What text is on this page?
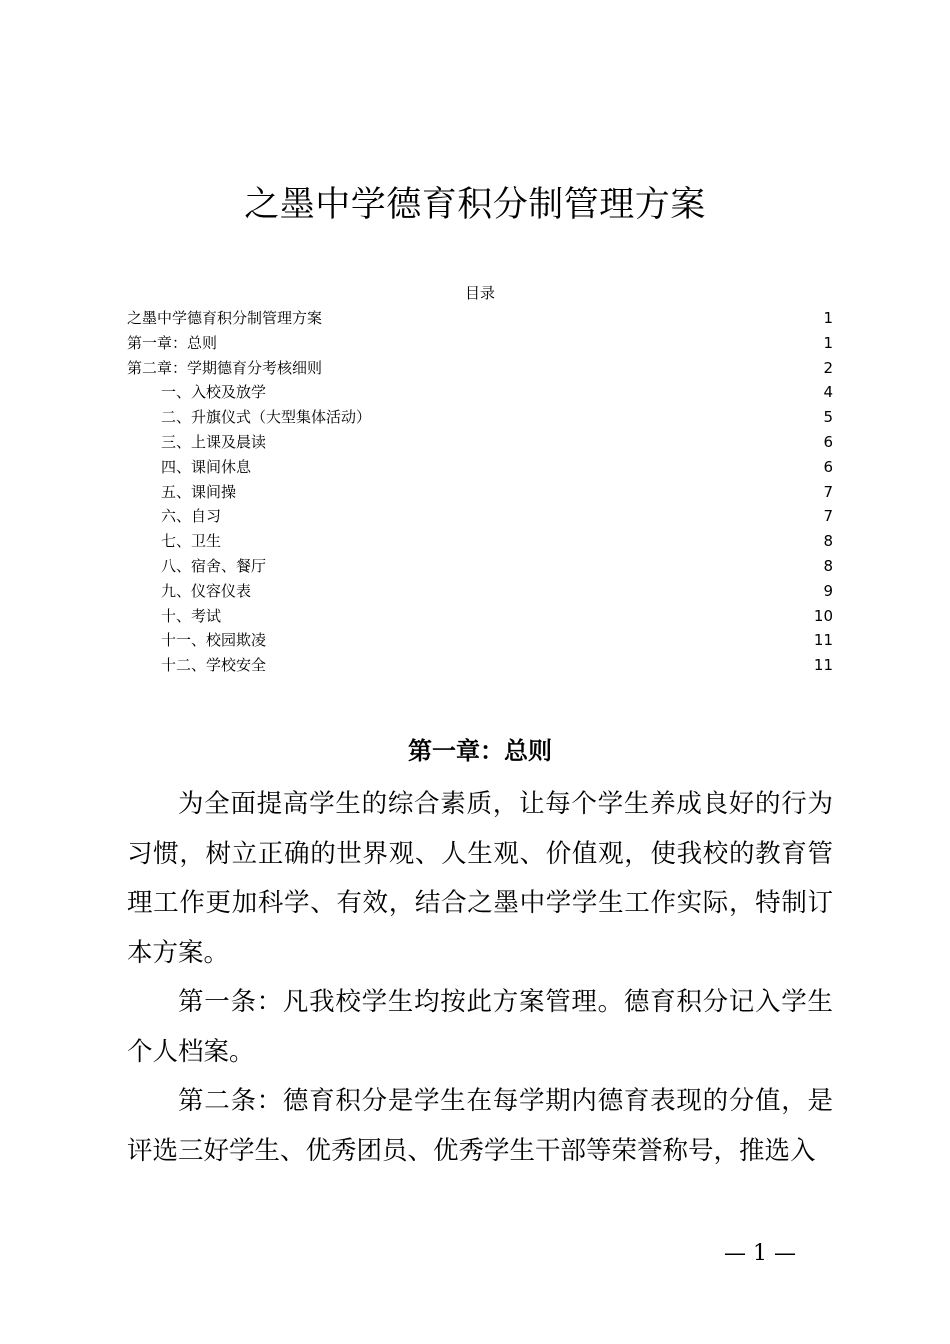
之墨中学德育积分制管理方案
目录
之墨中学德育积分制管理方案	1
第一章：总则	1
第二章：学期德育分考核细则	2
一、入校及放学	4
二、升旗仪式（大型集体活动）	5
三、上课及晨读	6
四、课间休息	6
五、课间操	7
六、自习	7
七、卫生	8
八、宿舍、餐厅	8
九、仪容仪表	9
十、考试	10
十一、校园欺凌	11
十二、学校安全	11
第一章：总则

为全面提高学生的综合素质，让每个学生养成良好的行为习惯，树立正确的世界观、人生观、价值观，使我校的教育管理工作更加科学、有效，结合之墨中学学生工作实际，特制订本方案。

第一条：凡我校学生均按此方案管理。德育积分记入学生个人档案。

第二条：德育积分是学生在每学期内德育表现的分值，是评选三好学生、优秀团员、优秀学生干部等荣誉称号，推选入

— 1 —
